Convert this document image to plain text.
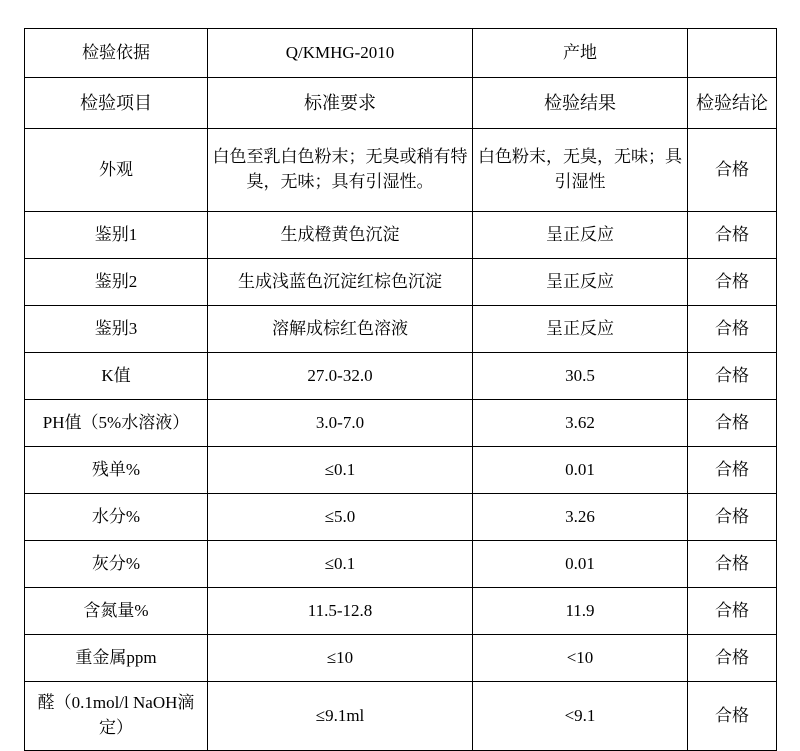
检验依据	Q/KMHG-2010	产地	
检验项目	标准要求	检验结果	检验结论
外观	白色至乳白色粉末；无臭或稍有特臭，无味；具有引湿性。	白色粉末，无臭，无味；具引湿性	合格
鉴别1	生成橙黄色沉淀	呈正反应	合格
鉴别2	生成浅蓝色沉淀红棕色沉淀	呈正反应	合格
鉴别3	溶解成棕红色溶液	呈正反应	合格
K值	27.0-32.0	30.5	合格
PH值（5%水溶液）	3.0-7.0	3.62	合格
残单%	≤0.1	0.01	合格
水分%	≤5.0	3.26	合格
灰分%	≤0.1	0.01	合格
含氮量%	11.5-12.8	11.9	合格
重金属ppm	≤10	<10	合格
醛（0.1mol/l NaOH滴定）	≤9.1ml	<9.1	合格
